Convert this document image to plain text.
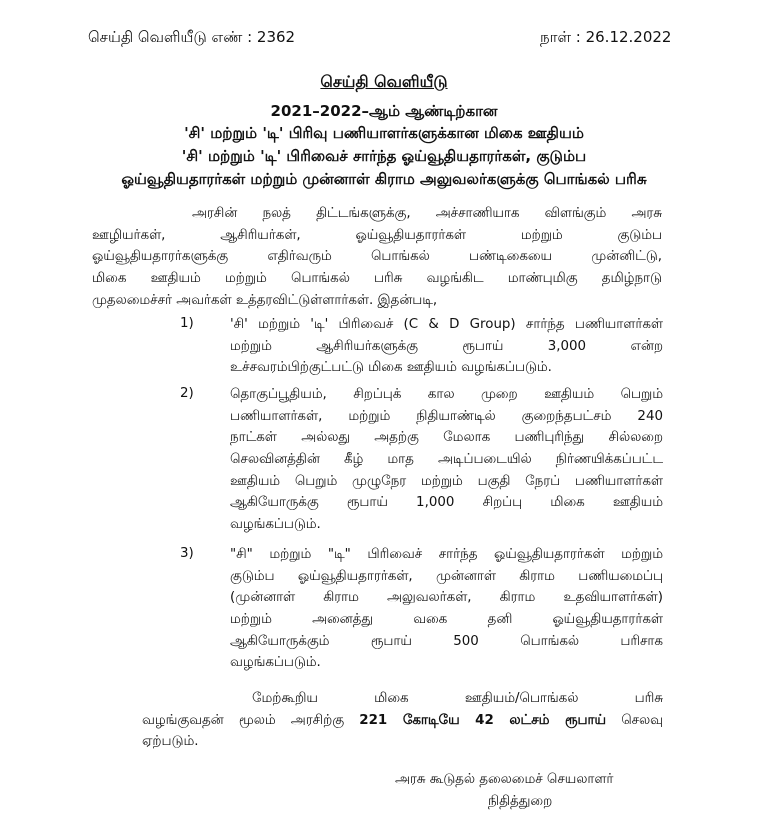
செய்தி வெளியீடு எண் : 2362	நாள் : 26.12.2022
செய்தி வெளியீடு
2021–2022–ஆம் ஆண்டிற்கான
'சி' மற்றும் 'டி' பிரிவு பணியாளர்களுக்கான மிகை ஊதியம்
'சி' மற்றும் 'டி' பிரிவைச் சார்ந்த ஓய்வூதியதாரர்கள், குடும்ப
ஓய்வூதியதாரர்கள் மற்றும் முன்னாள் கிராம அலுவலர்களுக்கு பொங்கல் பரிசு
அரசின் நலத் திட்டங்களுக்கு, அச்சாணியாக விளங்கும் அரசு
ஊழியர்கள், ஆசிரியர்கள், ஓய்வூதியதாரர்கள் மற்றும் குடும்ப
ஓய்வூதியதாரர்களுக்கு எதிர்வரும் பொங்கல் பண்டிகையை முன்னிட்டு,
மிகை ஊதியம் மற்றும் பொங்கல் பரிசு வழங்கிட மாண்புமிகு தமிழ்நாடு
முதலமைச்சர் அவர்கள் உத்தரவிட்டுள்ளார்கள். இதன்படி,
1)	'சி' மற்றும் 'டி' பிரிவைச் (C & D Group) சார்ந்த பணியாளர்கள்
மற்றும் ஆசிரியர்களுக்கு ரூபாய் 3,000 என்ற
உச்சவரம்பிற்குட்பட்டு மிகை ஊதியம் வழங்கப்படும்.
2)	தொகுப்பூதியம், சிறப்புக் கால முறை ஊதியம் பெறும்
பணியாளர்கள், மற்றும் நிதியாண்டில் குறைந்தபட்சம் 240
நாட்கள் அல்லது அதற்கு மேலாக பணிபுரிந்து சில்லறை
செலவினத்தின் கீழ் மாத அடிப்படையில் நிர்ணயிக்கப்பட்ட
ஊதியம் பெறும் முழுநேர மற்றும் பகுதி நேரப் பணியாளர்கள்
ஆகியோருக்கு ரூபாய் 1,000 சிறப்பு மிகை ஊதியம்
வழங்கப்படும்.
3)	"சி" மற்றும் "டி" பிரிவைச் சார்ந்த ஓய்வூதியதாரர்கள் மற்றும்
குடும்ப ஓய்வூதியதாரர்கள், முன்னாள் கிராம பணியமைப்பு
(முன்னாள் கிராம அலுவலர்கள், கிராம உதவியாளர்கள்)
மற்றும் அனைத்து வகை தனி ஓய்வூதியதாரர்கள்
ஆகியோருக்கும் ரூபாய் 500 பொங்கல் பரிசாக
வழங்கப்படும்.
மேற்கூறிய மிகை ஊதியம்/பொங்கல் பரிசு
வழங்குவதன் மூலம் அரசிற்கு 221 கோடியே 42 லட்சம் ரூபாய் செலவு
ஏற்படும்.
அரசு கூடுதல் தலைமைச் செயலாளர்
நிதித்துறை
